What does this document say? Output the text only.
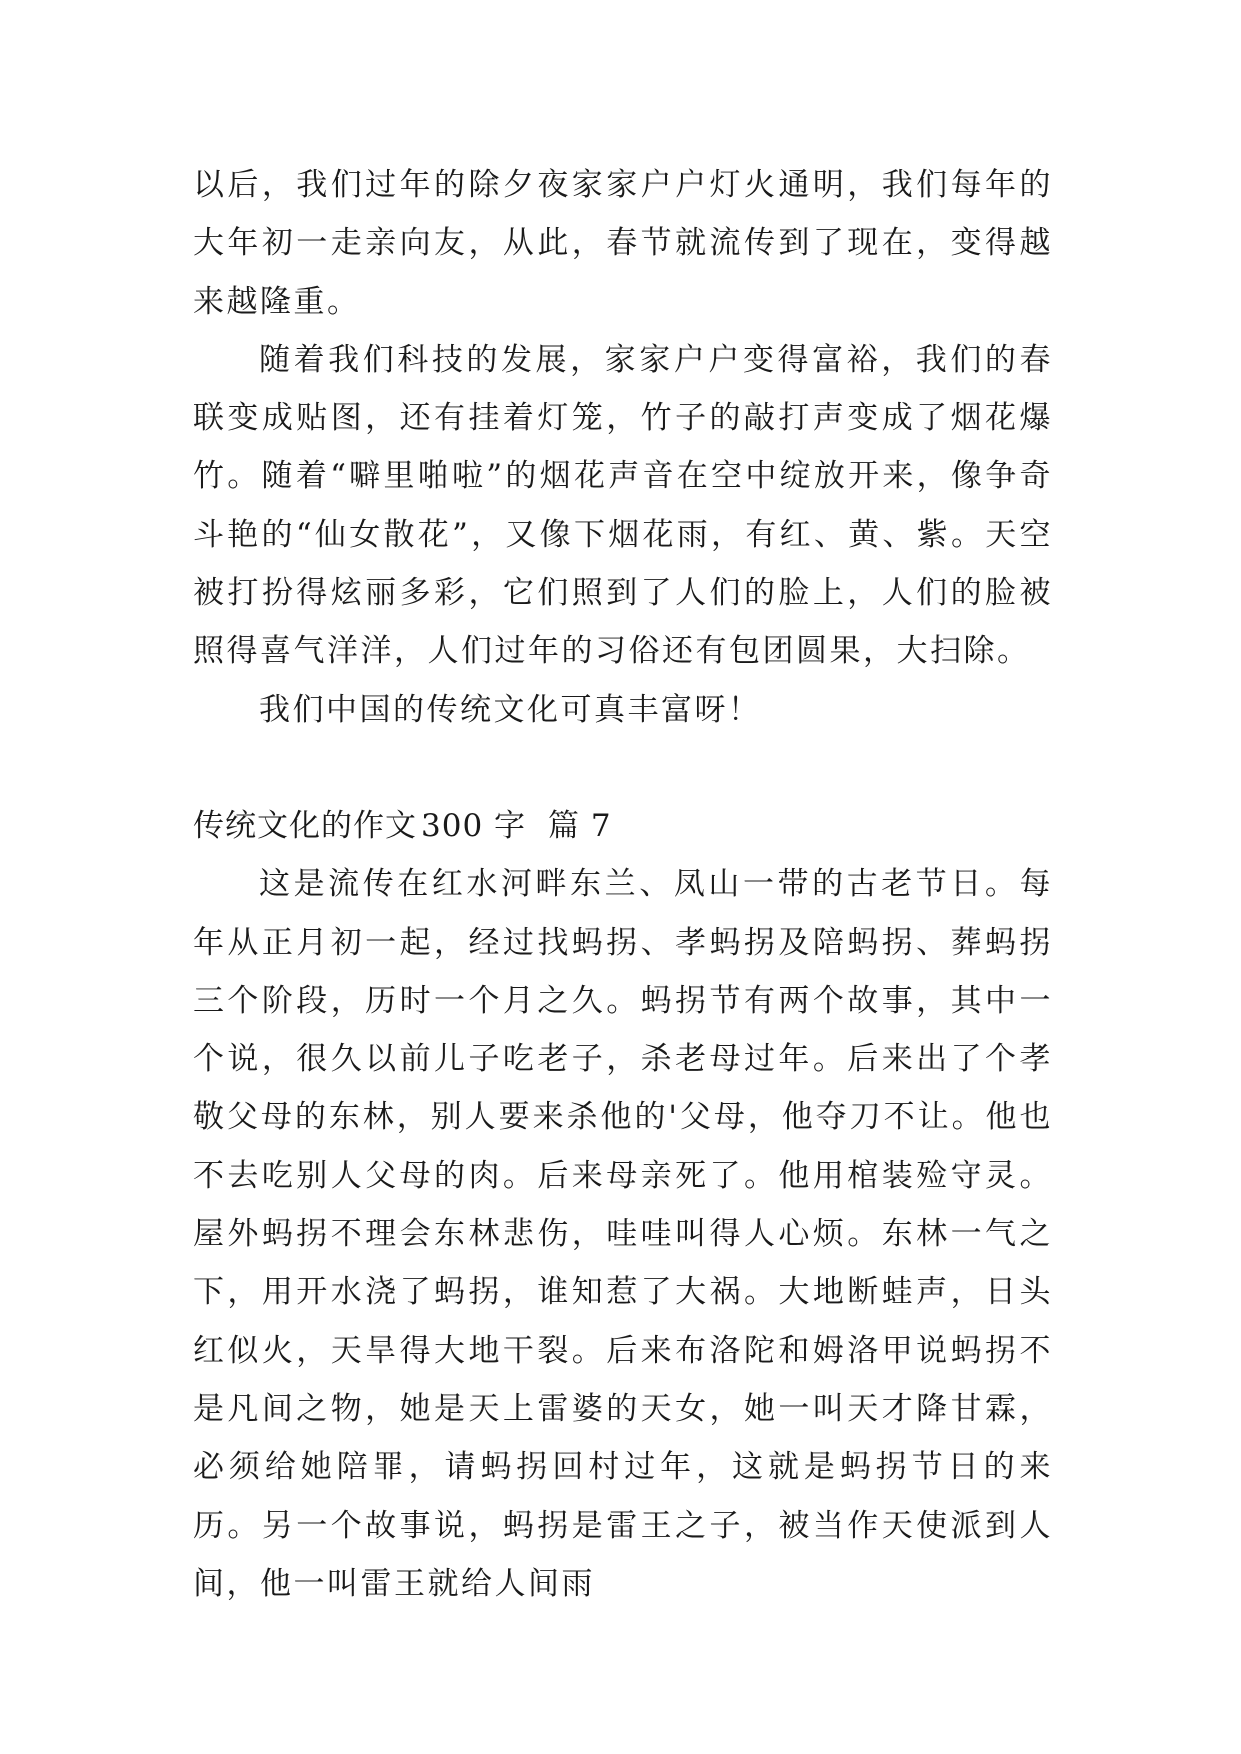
以后，我们过年的除夕夜家家户户灯火通明，我们每年的大年初一走亲向友，从此，春节就流传到了现在，变得越来越隆重。

随着我们科技的发展，家家户户变得富裕，我们的春联变成贴图，还有挂着灯笼，竹子的敲打声变成了烟花爆竹。随着“噼里啪啦”的烟花声音在空中绽放开来，像争奇斗艳的“仙女散花”，又像下烟花雨，有红、黄、紫。天空被打扮得炫丽多彩，它们照到了人们的脸上，人们的脸被照得喜气洋洋，人们过年的习俗还有包团圆果，大扫除。

我们中国的传统文化可真丰富呀！

传统文化的作文 300 字 篇 7

这是流传在红水河畔东兰、凤山一带的古老节日。每年从正月初一起，经过找蚂拐、孝蚂拐及陪蚂拐、葬蚂拐三个阶段，历时一个月之久。蚂拐节有两个故事，其中一个说，很久以前儿子吃老子，杀老母过年。后来出了个孝敬父母的东林，别人要来杀他的'父母，他夺刀不让。他也不去吃别人父母的肉。后来母亲死了。他用棺装殓守灵。屋外蚂拐不理会东林悲伤，哇哇叫得人心烦。东林一气之下，用开水浇了蚂拐，谁知惹了大祸。大地断蛙声，日头红似火，天旱得大地干裂。后来布洛陀和姆洛甲说蚂拐不是凡间之物，她是天上雷婆的天女，她一叫天才降甘霖，必须给她陪罪，请蚂拐回村过年，这就是蚂拐节日的来历。另一个故事说，蚂拐是雷王之子，被当作天使派到人间，他一叫雷王就给人间雨
